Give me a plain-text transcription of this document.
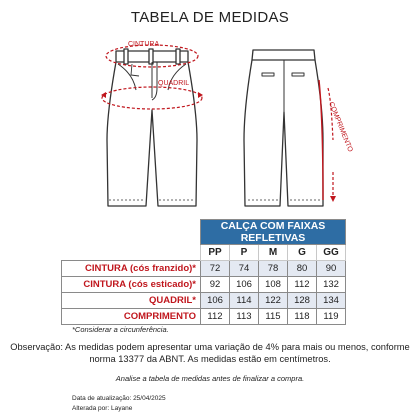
TABELA DE MEDIDAS
CINTURA
QUADRIL
COMPRIMENTO
	CALÇA COM FAIXAS REFLETIVAS				
	PP	P	M	G	GG
CINTURA (cós franzido)*	72	74	78	80	90
CINTURA (cós esticado)*	92	106	108	112	132
QUADRIL*	106	114	122	128	134
COMPRIMENTO	112	113	115	118	119
*Considerar a circunferência.
Observação: As medidas podem apresentar uma variação de 4% para mais ou menos, conforme norma 13377 da ABNT. As medidas estão em centímetros.
Analise a tabela de medidas antes de finalizar a compra.
Data de atualização: 25/04/2025
Alterada por: Layane
